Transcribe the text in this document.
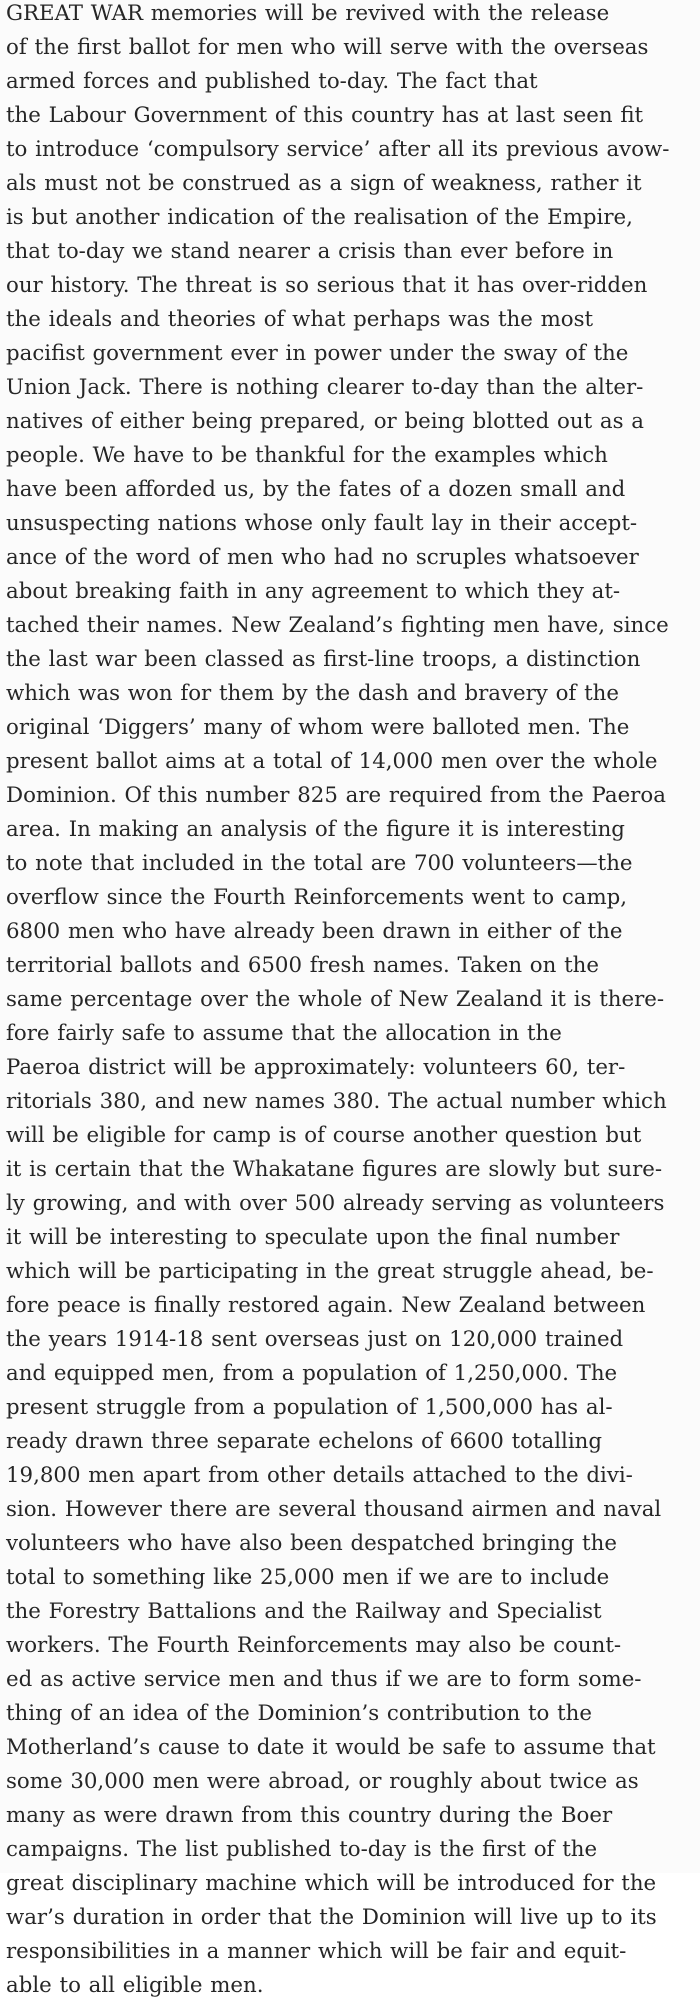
GREAT WAR memories will be revived with the release
of the first ballot for men who will serve with the overseas
armed forces and published to-day. The fact that
the Labour Government of this country has at last seen fit
to introduce ‘compulsory service’ after all its previous avow-
als must not be construed as a sign of weakness, rather it
is but another indication of the realisation of the Empire,
that to-day we stand nearer a crisis than ever before in
our history. The threat is so serious that it has over-ridden
the ideals and theories of what perhaps was the most
pacifist government ever in power under the sway of the
Union Jack. There is nothing clearer to-day than the alter-
natives of either being prepared, or being blotted out as a
people. We have to be thankful for the examples which
have been afforded us, by the fates of a dozen small and
unsuspecting nations whose only fault lay in their accept-
ance of the word of men who had no scruples whatsoever
about breaking faith in any agreement to which they at-
tached their names. New Zealand’s fighting men have, since
the last war been classed as first-line troops, a distinction
which was won for them by the dash and bravery of the
original ‘Diggers’ many of whom were balloted men. The
present ballot aims at a total of 14,000 men over the whole
Dominion. Of this number 825 are required from the Paeroa
area. In making an analysis of the figure it is interesting
to note that included in the total are 700 volunteers—the
overflow since the Fourth Reinforcements went to camp,
6800 men who have already been drawn in either of the
territorial ballots and 6500 fresh names. Taken on the
same percentage over the whole of New Zealand it is there-
fore fairly safe to assume that the allocation in the
Paeroa district will be approximately: volunteers 60, ter-
ritorials 380, and new names 380. The actual number which
will be eligible for camp is of course another question but
it is certain that the Whakatane figures are slowly but sure-
ly growing, and with over 500 already serving as volunteers
it will be interesting to speculate upon the final number
which will be participating in the great struggle ahead, be-
fore peace is finally restored again. New Zealand between
the years 1914-18 sent overseas just on 120,000 trained
and equipped men, from a population of 1,250,000. The
present struggle from a population of 1,500,000 has al-
ready drawn three separate echelons of 6600 totalling
19,800 men apart from other details attached to the divi-
sion. However there are several thousand airmen and naval
volunteers who have also been despatched bringing the
total to something like 25,000 men if we are to include
the Forestry Battalions and the Railway and Specialist
workers. The Fourth Reinforcements may also be count-
ed as active service men and thus if we are to form some-
thing of an idea of the Dominion’s contribution to the
Motherland’s cause to date it would be safe to assume that
some 30,000 men were abroad, or roughly about twice as
many as were drawn from this country during the Boer
campaigns. The list published to-day is the first of the
great disciplinary machine which will be introduced for the
war’s duration in order that the Dominion will live up to its
responsibilities in a manner which will be fair and equit-
able to all eligible men.
